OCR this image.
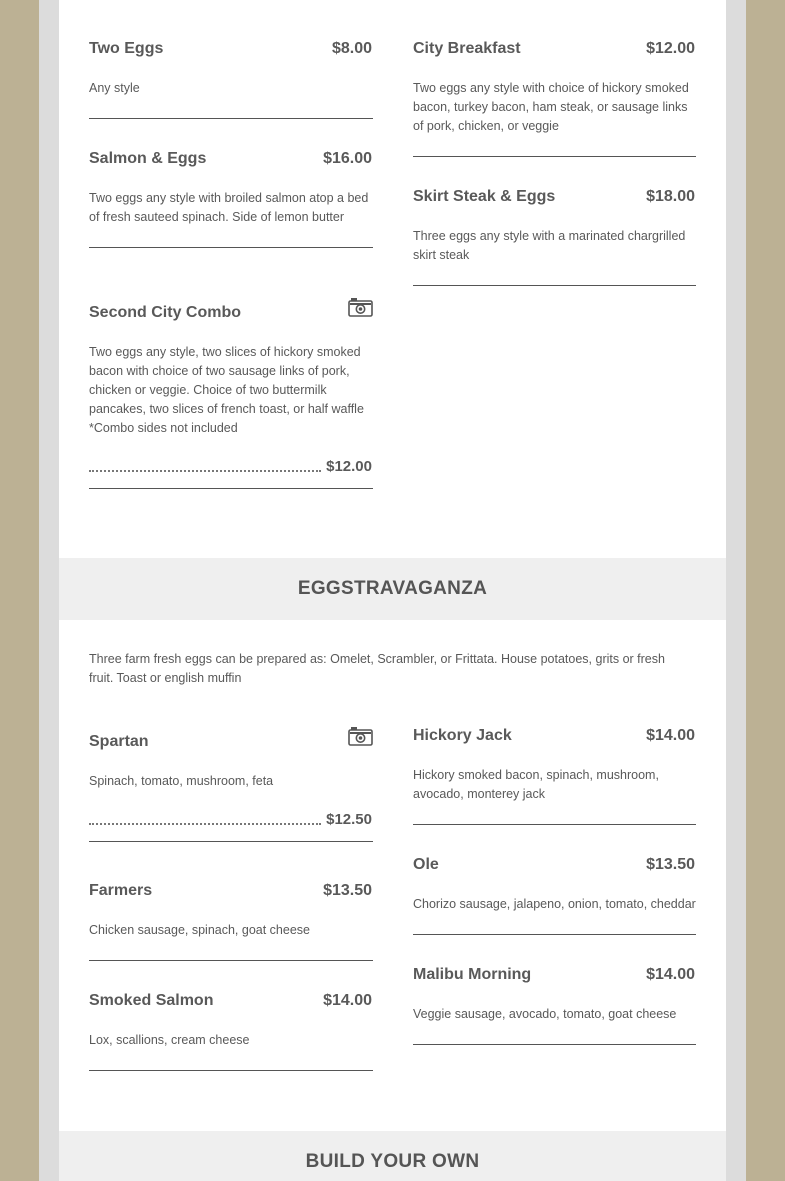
Two Eggs	$8.00
Any style
Salmon & Eggs	$16.00
Two eggs any style with broiled salmon atop a bed of fresh sauteed spinach. Side of lemon butter
Second City Combo
Two eggs any style, two slices of hickory smoked bacon with choice of two sausage links of pork, chicken or veggie. Choice of two buttermilk pancakes, two slices of french toast, or half waffle *Combo sides not included
$12.00
City Breakfast	$12.00
Two eggs any style with choice of hickory smoked bacon, turkey bacon, ham steak, or sausage links of pork, chicken, or veggie
Skirt Steak & Eggs	$18.00
Three eggs any style with a marinated chargrilled skirt steak
EGGSTRAVAGANZA
Three farm fresh eggs can be prepared as: Omelet, Scrambler, or Frittata. House potatoes, grits or fresh fruit. Toast or english muffin
Spartan
Spinach, tomato, mushroom, feta
$12.50
Farmers	$13.50
Chicken sausage, spinach, goat cheese
Smoked Salmon	$14.00
Lox, scallions, cream cheese
Hickory Jack	$14.00
Hickory smoked bacon, spinach, mushroom, avocado, monterey jack
Ole	$13.50
Chorizo sausage, jalapeno, onion, tomato, cheddar
Malibu Morning	$14.00
Veggie sausage, avocado, tomato, goat cheese
BUILD YOUR OWN
